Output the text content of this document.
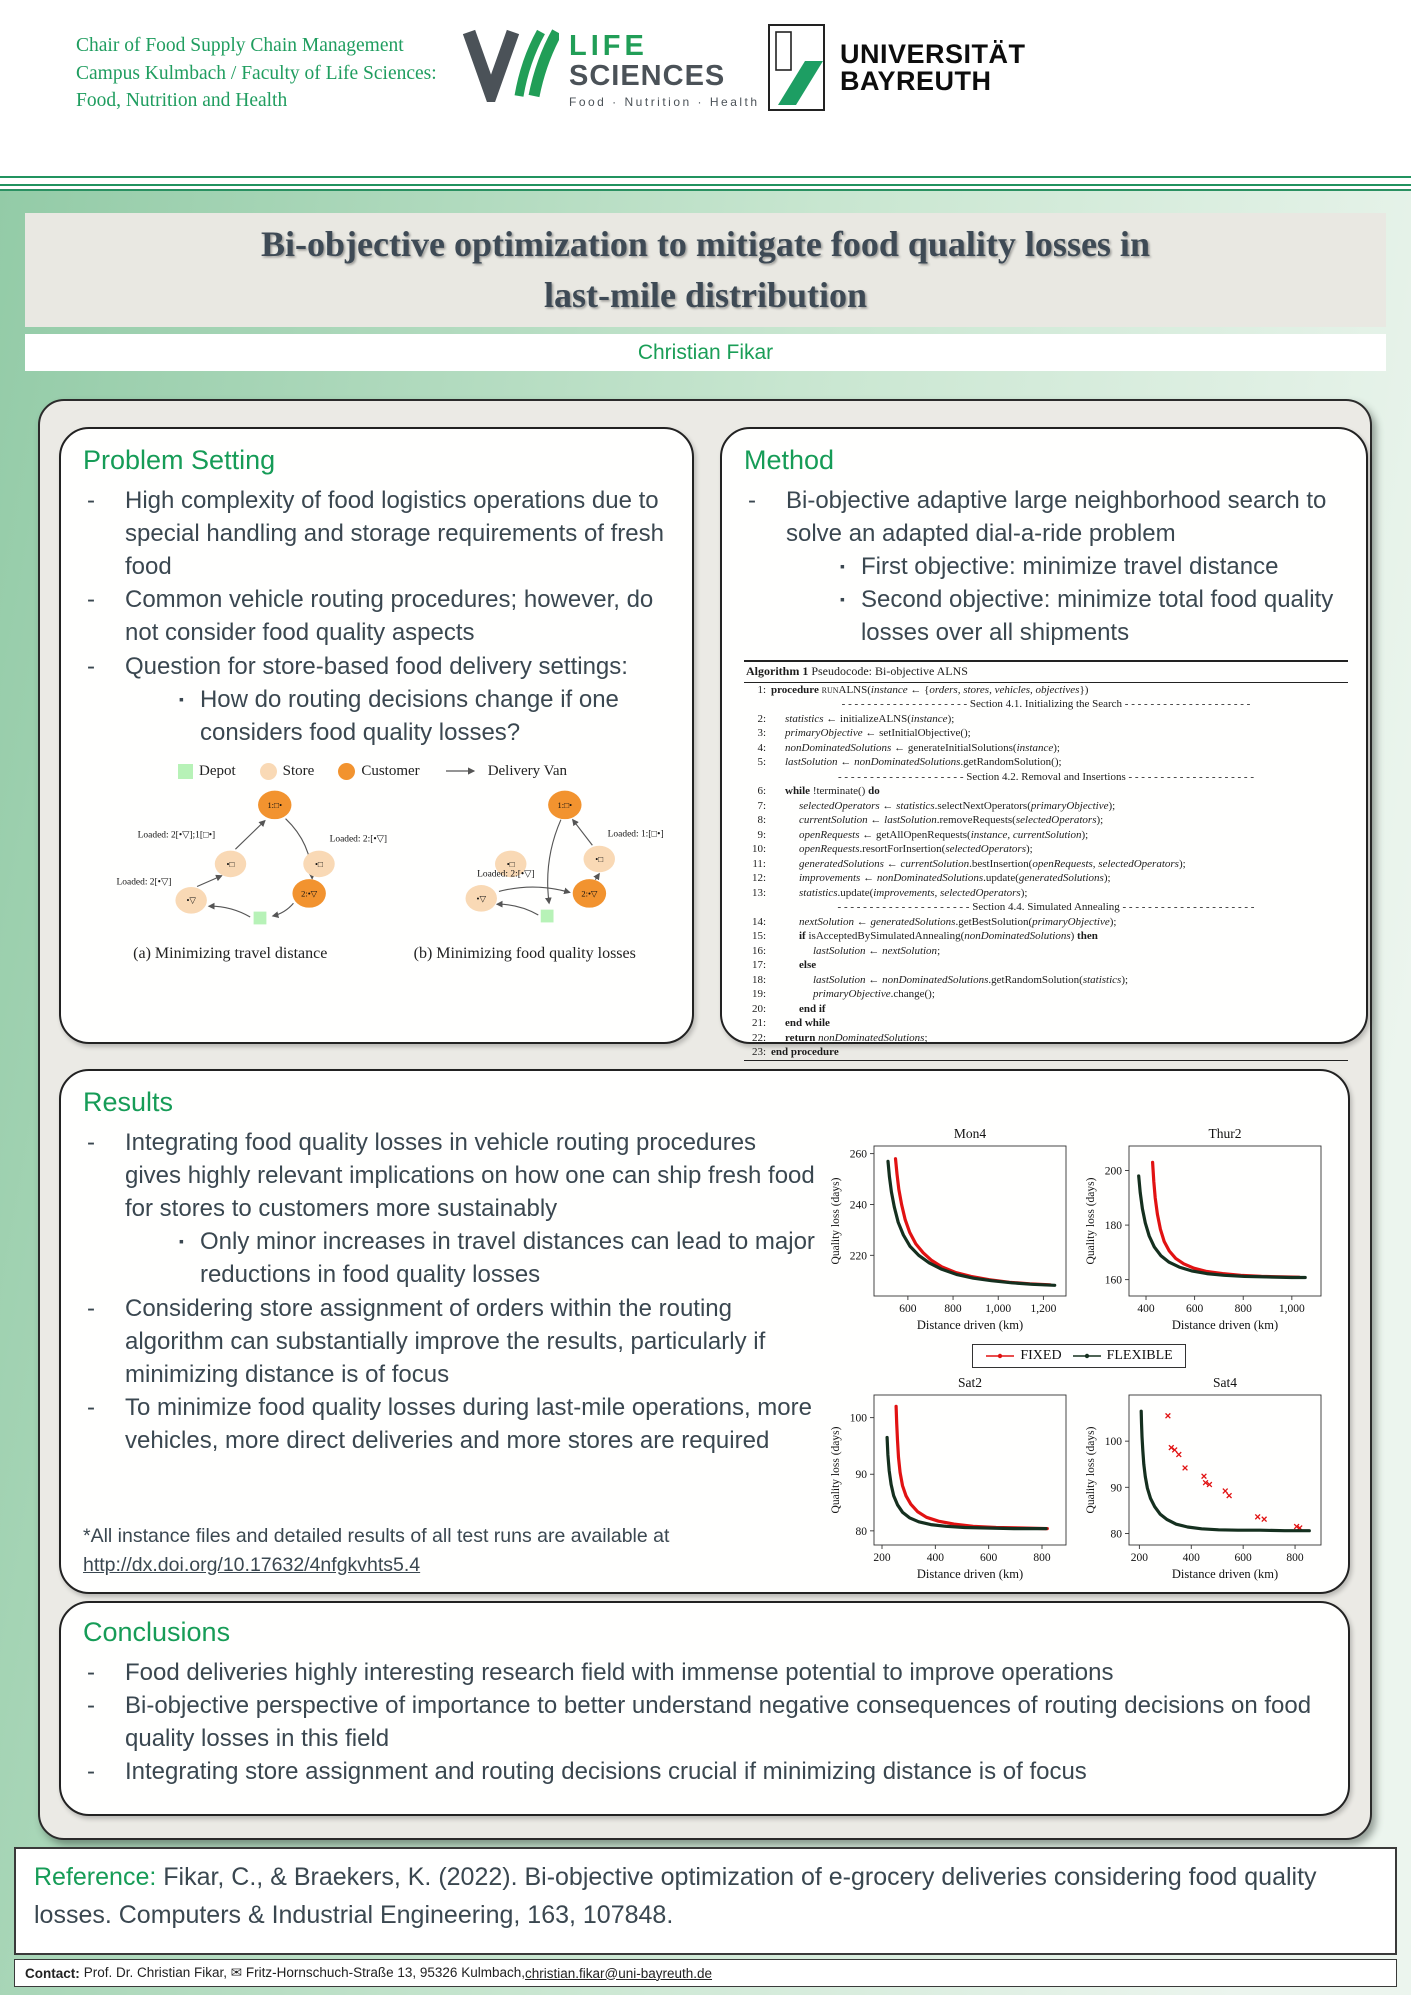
Chair of Food Supply Chain Management
Campus Kulmbach / Faculty of Life Sciences:
Food, Nutrition and Health
LIFE
SCIENCES
Food · Nutrition · Health
UNIVERSITÄT
BAYREUTH
Bi-objective optimization to mitigate food quality losses in
last-mile distribution
Christian Fikar
Problem Setting
-	High complexity of food logistics operations due to special handling and storage requirements of fresh food
-	Common vehicle routing procedures; however, do not consider food quality aspects
-	Question for store-based food delivery settings:
▪ How do routing decisions change if one considers food quality losses?
Depot	Store	Customer	Delivery Van
1:□•
•□	•□
2:•▽
•▽
1:□•
•□	•□
2:•▽
•▽
Loaded: 2[•▽]
Loaded: 2[•▽];1[□•]	Loaded: 2:[•▽]
Loaded: 2:[•▽]
Loaded: 1:[□•]
(a) Minimizing travel distance	(b) Minimizing food quality losses
Method
-	Bi-objective adaptive large neighborhood search to solve an adapted dial-a-ride problem
▪ First objective: minimize travel distance
▪ Second objective: minimize total food quality losses over all shipments
Algorithm 1 Pseudocode: Bi-objective ALNS
1: procedure runALNS(instance ← {orders, stores, vehicles, objectives})
- - - - - - - - - - - - - - - - - - - - Section 4.1. Initializing the Search - - - - - - - - - - - - - - - - - - - -
2: statistics ← initializeALNS(instance);
3: primaryObjective ← setInitialObjective();
4: nonDominatedSolutions ← generateInitialSolutions(instance);
5: lastSolution ← nonDominatedSolutions.getRandomSolution();
- - - - - - - - - - - - - - - - - - - - Section 4.2. Removal and Insertions - - - - - - - - - - - - - - - - - - - -
6: while !terminate() do
7:	selectedOperators ← statistics.selectNextOperators(primaryObjective);
8:	currentSolution ← lastSolution.removeRequests(selectedOperators);
9:	openRequests ← getAllOpenRequests(instance, currentSolution);
10:	openRequests.resortForInsertion(selectedOperators);
11:	generatedSolutions ← currentSolution.bestInsertion(openRequests, selectedOperators);
12:	improvements ← nonDominatedSolutions.update(generatedSolutions);
13:	statistics.update(improvements, selectedOperators);
- - - - - - - - - - - - - - - - - - - - - Section 4.4. Simulated Annealing - - - - - - - - - - - - - - - - - - - - -
14:	nextSolution ← generatedSolutions.getBestSolution(primaryObjective);
15:	if isAcceptedBySimulatedAnnealing(nonDominatedSolutions) then
16:	lastSolution ← nextSolution;
17:	else
18:	lastSolution ← nonDominatedSolutions.getRandomSolution(statistics);
19:	primaryObjective.change();
20:	end if
21: end while
22: return nonDominatedSolutions;
23: end procedure
Results
-	Integrating food quality losses in vehicle routing procedures gives highly relevant implications on how one can ship fresh food for stores to customers more sustainably
▪ Only minor increases in travel distances can lead to major reductions in food quality losses
-	Considering store assignment of orders within the routing algorithm can substantially improve the results, particularly if minimizing distance is of focus
-	To minimize food quality losses during last-mile operations, more vehicles, more direct deliveries and more stores are required
*All instance files and detailed results of all test runs are available at
http://dx.doi.org/10.17632/4nfgkvhts5.4
Mon4
600 800 1,000 1,200
220
240
260
Distance driven (km)
Quality loss (days)
Thur2
400	600	800 1,000
160
180
200
Distance driven (km)
Quality loss (days)
FIXED	FLEXIBLE
Sat2
200	400	600	800
80
90
100
Distance driven (km)
Quality loss (days)
Sat4
200	400	600	800
80
90
100
Distance driven (km)
Quality loss (days)
Conclusions
-	Food deliveries highly interesting research field with immense potential to improve operations
-	Bi-objective perspective of importance to better understand negative consequences of routing decisions on food quality losses in this field
-	Integrating store assignment and routing decisions crucial if minimizing distance is of focus
Reference: Fikar, C., & Braekers, K. (2022). Bi-objective optimization of e-grocery deliveries considering food quality losses. Computers & Industrial Engineering, 163, 107848.
Contact: Prof. Dr. Christian Fikar, ✉ Fritz-Hornschuch-Straße 13, 95326 Kulmbach, christian.fikar@uni-bayreuth.de
